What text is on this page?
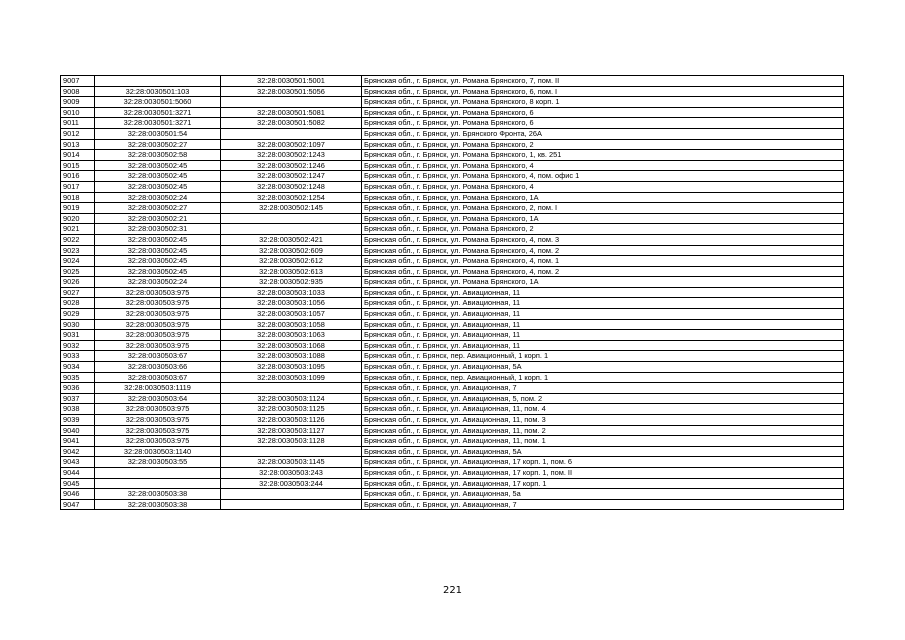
9007		32:28:0030501:5001	Брянская обл., г. Брянск, ул. Романа Брянского, 7, пом. II
9008	32:28:0030501:103	32:28:0030501:5056	Брянская обл., г. Брянск, ул. Романа Брянского, 6, пом. I
9009	32:28:0030501:5060		Брянская обл., г. Брянск, ул. Романа Брянского, 8 корп. 1
9010	32:28:0030501:3271	32:28:0030501:5081	Брянская обл., г. Брянск, ул. Романа Брянского, 6
9011	32:28:0030501:3271	32:28:0030501:5082	Брянская обл., г. Брянск, ул. Романа Брянского, 6
9012	32:28:0030501:54		Брянская обл., г. Брянск, ул. Брянского Фронта, 26А
9013	32:28:0030502:27	32:28:0030502:1097	Брянская обл., г. Брянск, ул. Романа Брянского, 2
9014	32:28:0030502:58	32:28:0030502:1243	Брянская обл., г. Брянск, ул. Романа Брянского, 1, кв. 251
9015	32:28:0030502:45	32:28:0030502:1246	Брянская обл., г. Брянск, ул. Романа Брянского, 4
9016	32:28:0030502:45	32:28:0030502:1247	Брянская обл., г. Брянск, ул. Романа Брянского, 4, пом. офис 1
9017	32:28:0030502:45	32:28:0030502:1248	Брянская обл., г. Брянск, ул. Романа Брянского, 4
9018	32:28:0030502:24	32:28:0030502:1254	Брянская обл., г. Брянск, ул. Романа Брянского, 1А
9019	32:28:0030502:27	32:28:0030502:145	Брянская обл., г. Брянск, ул. Романа Брянского, 2, пом. I
9020	32:28:0030502:21		Брянская обл., г. Брянск, ул. Романа Брянского, 1А
9021	32:28:0030502:31		Брянская обл., г. Брянск, ул. Романа Брянского, 2
9022	32:28:0030502:45	32:28:0030502:421	Брянская обл., г. Брянск, ул. Романа Брянского, 4, пом. 3
9023	32:28:0030502:45	32:28:0030502:609	Брянская обл., г. Брянск, ул. Романа Брянского, 4, пом. 2
9024	32:28:0030502:45	32:28:0030502:612	Брянская обл., г. Брянск, ул. Романа Брянского, 4, пом. 1
9025	32:28:0030502:45	32:28:0030502:613	Брянская обл., г. Брянск, ул. Романа Брянского, 4, пом. 2
9026	32:28:0030502:24	32:28:0030502:935	Брянская обл., г. Брянск, ул. Романа Брянского, 1А
9027	32:28:0030503:975	32:28:0030503:1033	Брянская обл., г. Брянск, ул. Авиационная, 11
9028	32:28:0030503:975	32:28:0030503:1056	Брянская обл., г. Брянск, ул. Авиационная, 11
9029	32:28:0030503:975	32:28:0030503:1057	Брянская обл., г. Брянск, ул. Авиационная, 11
9030	32:28:0030503:975	32:28:0030503:1058	Брянская обл., г. Брянск, ул. Авиационная, 11
9031	32:28:0030503:975	32:28:0030503:1063	Брянская обл., г. Брянск, ул. Авиационная, 11
9032	32:28:0030503:975	32:28:0030503:1068	Брянская обл., г. Брянск, ул. Авиационная, 11
9033	32:28:0030503:67	32:28:0030503:1088	Брянская обл., г. Брянск, пер. Авиационный, 1 корп. 1
9034	32:28:0030503:66	32:28:0030503:1095	Брянская обл., г. Брянск, ул. Авиационная, 5А
9035	32:28:0030503:67	32:28:0030503:1099	Брянская обл., г. Брянск, пер. Авиационный, 1 корп. 1
9036	32:28:0030503:1119		Брянская обл., г. Брянск, ул. Авиационная, 7
9037	32:28:0030503:64	32:28:0030503:1124	Брянская обл., г. Брянск, ул. Авиационная, 5, пом. 2
9038	32:28:0030503:975	32:28:0030503:1125	Брянская обл., г. Брянск, ул. Авиационная, 11, пом. 4
9039	32:28:0030503:975	32:28:0030503:1126	Брянская обл., г. Брянск, ул. Авиационная, 11, пом. 3
9040	32:28:0030503:975	32:28:0030503:1127	Брянская обл., г. Брянск, ул. Авиационная, 11, пом. 2
9041	32:28:0030503:975	32:28:0030503:1128	Брянская обл., г. Брянск, ул. Авиационная, 11, пом. 1
9042	32:28:0030503:1140		Брянская обл., г. Брянск, ул. Авиационная, 5А
9043	32:28:0030503:55	32:28:0030503:1145	Брянская обл., г. Брянск, ул. Авиационная, 17 корп. 1, пом. 6
9044		32:28:0030503:243	Брянская обл., г. Брянск, ул. Авиационная, 17 корп. 1, пом. II
9045		32:28:0030503:244	Брянская обл., г. Брянск, ул. Авиационная, 17 корп. 1
9046	32:28:0030503:38		Брянская обл., г. Брянск, ул. Авиационная, 5а
9047	32:28:0030503:38		Брянская обл., г. Брянск, ул. Авиационная, 7
221
